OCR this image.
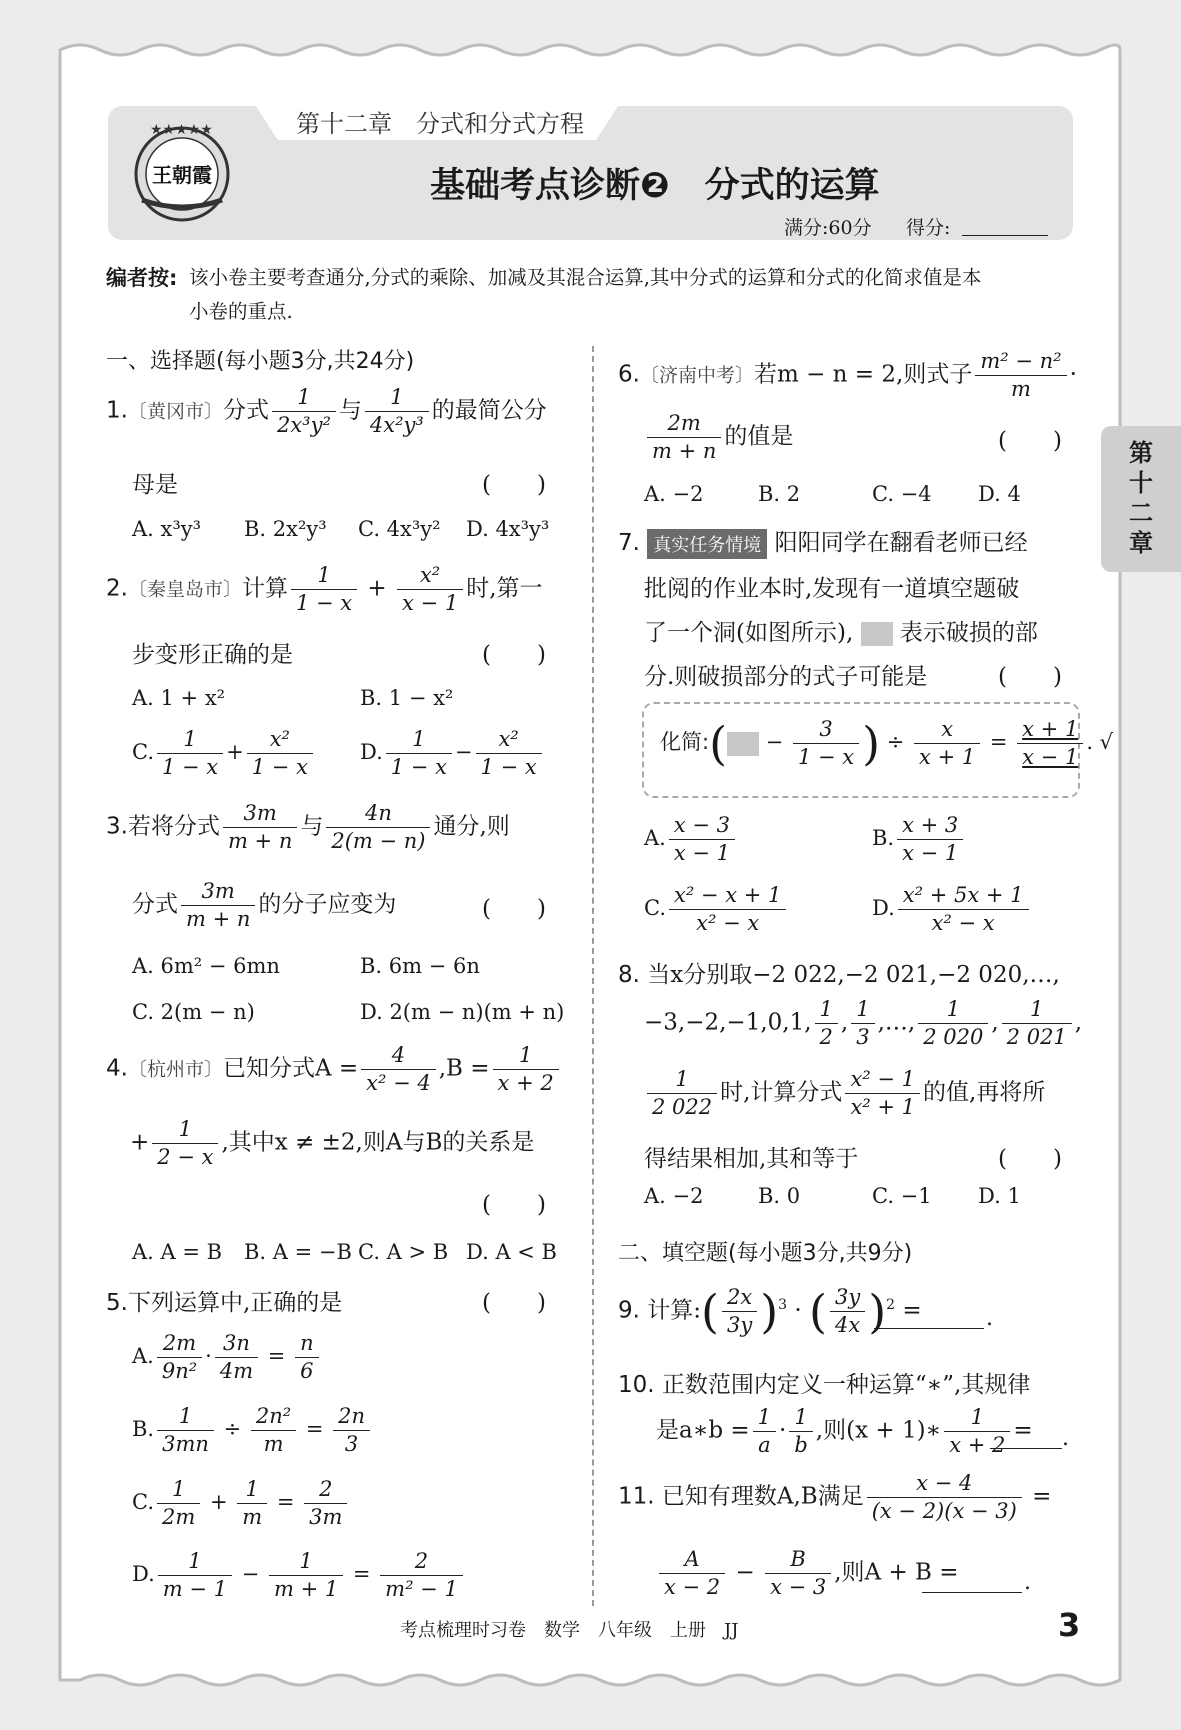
第
十
二
章
第十二章　分式和分式方程
★★★★★
王朝霞	基础考点诊断❷　分式的运算
满分:60分 得分:
编者按: 该小卷主要考查通分,分式的乘除、加减及其混合运算,其中分式的运算和分式的化简求值是本
小卷的重点.
一、选择题(每小题3分,共24分)
1.〔黄冈市〕分式 $\frac{1}{\text{2x³y²}}$ 与 $\frac{1}{\text{4x²y³}}$ 的最简公分
母是	(　　)
A. x³y³ B. 2x²y³ C. 4x³y² D. 4x³y³
2.〔秦皇岛市〕计算 $\frac{1}{1 - x} + \frac{\text{x²}}{x - 1}$ 时,第一
步变形正确的是	(　　)
A. 1 + x²	B. 1 − x²
C. $\frac{1}{1 - x} + \frac{\text{x²}}{1 - x} D$. $\frac{1}{1 - x} - \frac{\text{x²}}{1 - x}$
3.若将分式 $\frac{3m}{m + n}$ 与 $\frac{4n}{2(m - n)}$ 通分,则
分式 $\frac{3m}{m + n}$ 的分子应变为	(　　)
A. 6m² − 6mn	B. 6m − 6n
C. 2(m − n)	D. 2(m − n)(m + n)
4.〔杭州市〕已知分式$A = \frac{4}{\text{x² − 4}} ,B = \frac{1}{x + 2}$
+ $\frac{1}{2 - x}$ ,其中x ≠ ±2,则A与B的关系是
(　　)
A. A = B B. A = −B C. A > B D. A < B
5.下列运算中,正确的是	(　　)
A. $\frac{2m}{\text{9n²}} \cdot \frac{3n}{4m} = \frac{n}{6}$
B. $\frac{1}{3mn} \div \frac{\text{2n²}}{m} = \frac{2n}{3}$
C. $\frac{1}{2m} + \frac{1}{m} = \frac{2}{3m}$
D. $\frac{1}{m - 1} - \frac{1}{m + 1} = \frac{2}{\text{m² − 1}}$
6.〔济南中考〕若m − n = 2,则式子 $\frac{\text{m² − n²}}{m}$ ·
$\frac{2m}{m + n}$ 的值是	(　　)
A. −2	B. 2	C. −4 D. 4
7. 真实任务情境 阳阳同学在翻看老师已经
批阅的作业本时,发现有一道填空题破
了一个洞(如图所示), 表示破损的部
分.则破损部分的式子可能是	(　　)
化简:( − $\frac{3}{1 - x}$ ) ÷ $\frac{x}{x + 1} = \frac{x + 1}{x - 1}$ . √
A. $\frac{x - 3}{x - 1}$	B. $\frac{x + 3}{x - 1}$
C. $\frac{\text{x² − x + 1}}{\text{x² − x}}$	D. $\frac{\text{x² + 5x + 1}}{\text{x² − x}}$
8. 当x分别取−2 022,−2 021,−2 020,…,
−3,−2,−1,0,1, $\frac{1}{2}$ , $\frac{1}{3}$ ,…, $\frac{1}{2 020}$ , $\frac{1}{2 021}$ ,
$\frac{1}{2 022}$ 时,计算分式 $\frac{\text{x² − 1}}{\text{x² + 1}}$ 的值,再将所
得结果相加,其和等于	(　　)
A. −2	B. 0	C. −1 D. 1
二、填空题(每小题3分,共9分)
9. 计算:( $\frac{2x}{3y} )^3$ · ( $\frac{3y}{4x} )^2$ =	.
10. 正数范围内定义一种运算“∗”,其规律
是a∗b = $\frac{1}{a} \cdot \frac{1}{b}$ ,则(x + 1)∗ $\frac{1}{x + 2}$ = .
11. 已知有理数A,B满足 $\frac{x - 4}{(x - 2)(x - 3)}$ =
$\frac{A}{x - 2} - \frac{B}{x - 3}$ ,则A + B =	.
考点梳理时习卷　数学　八年级　上册　JJ	3
